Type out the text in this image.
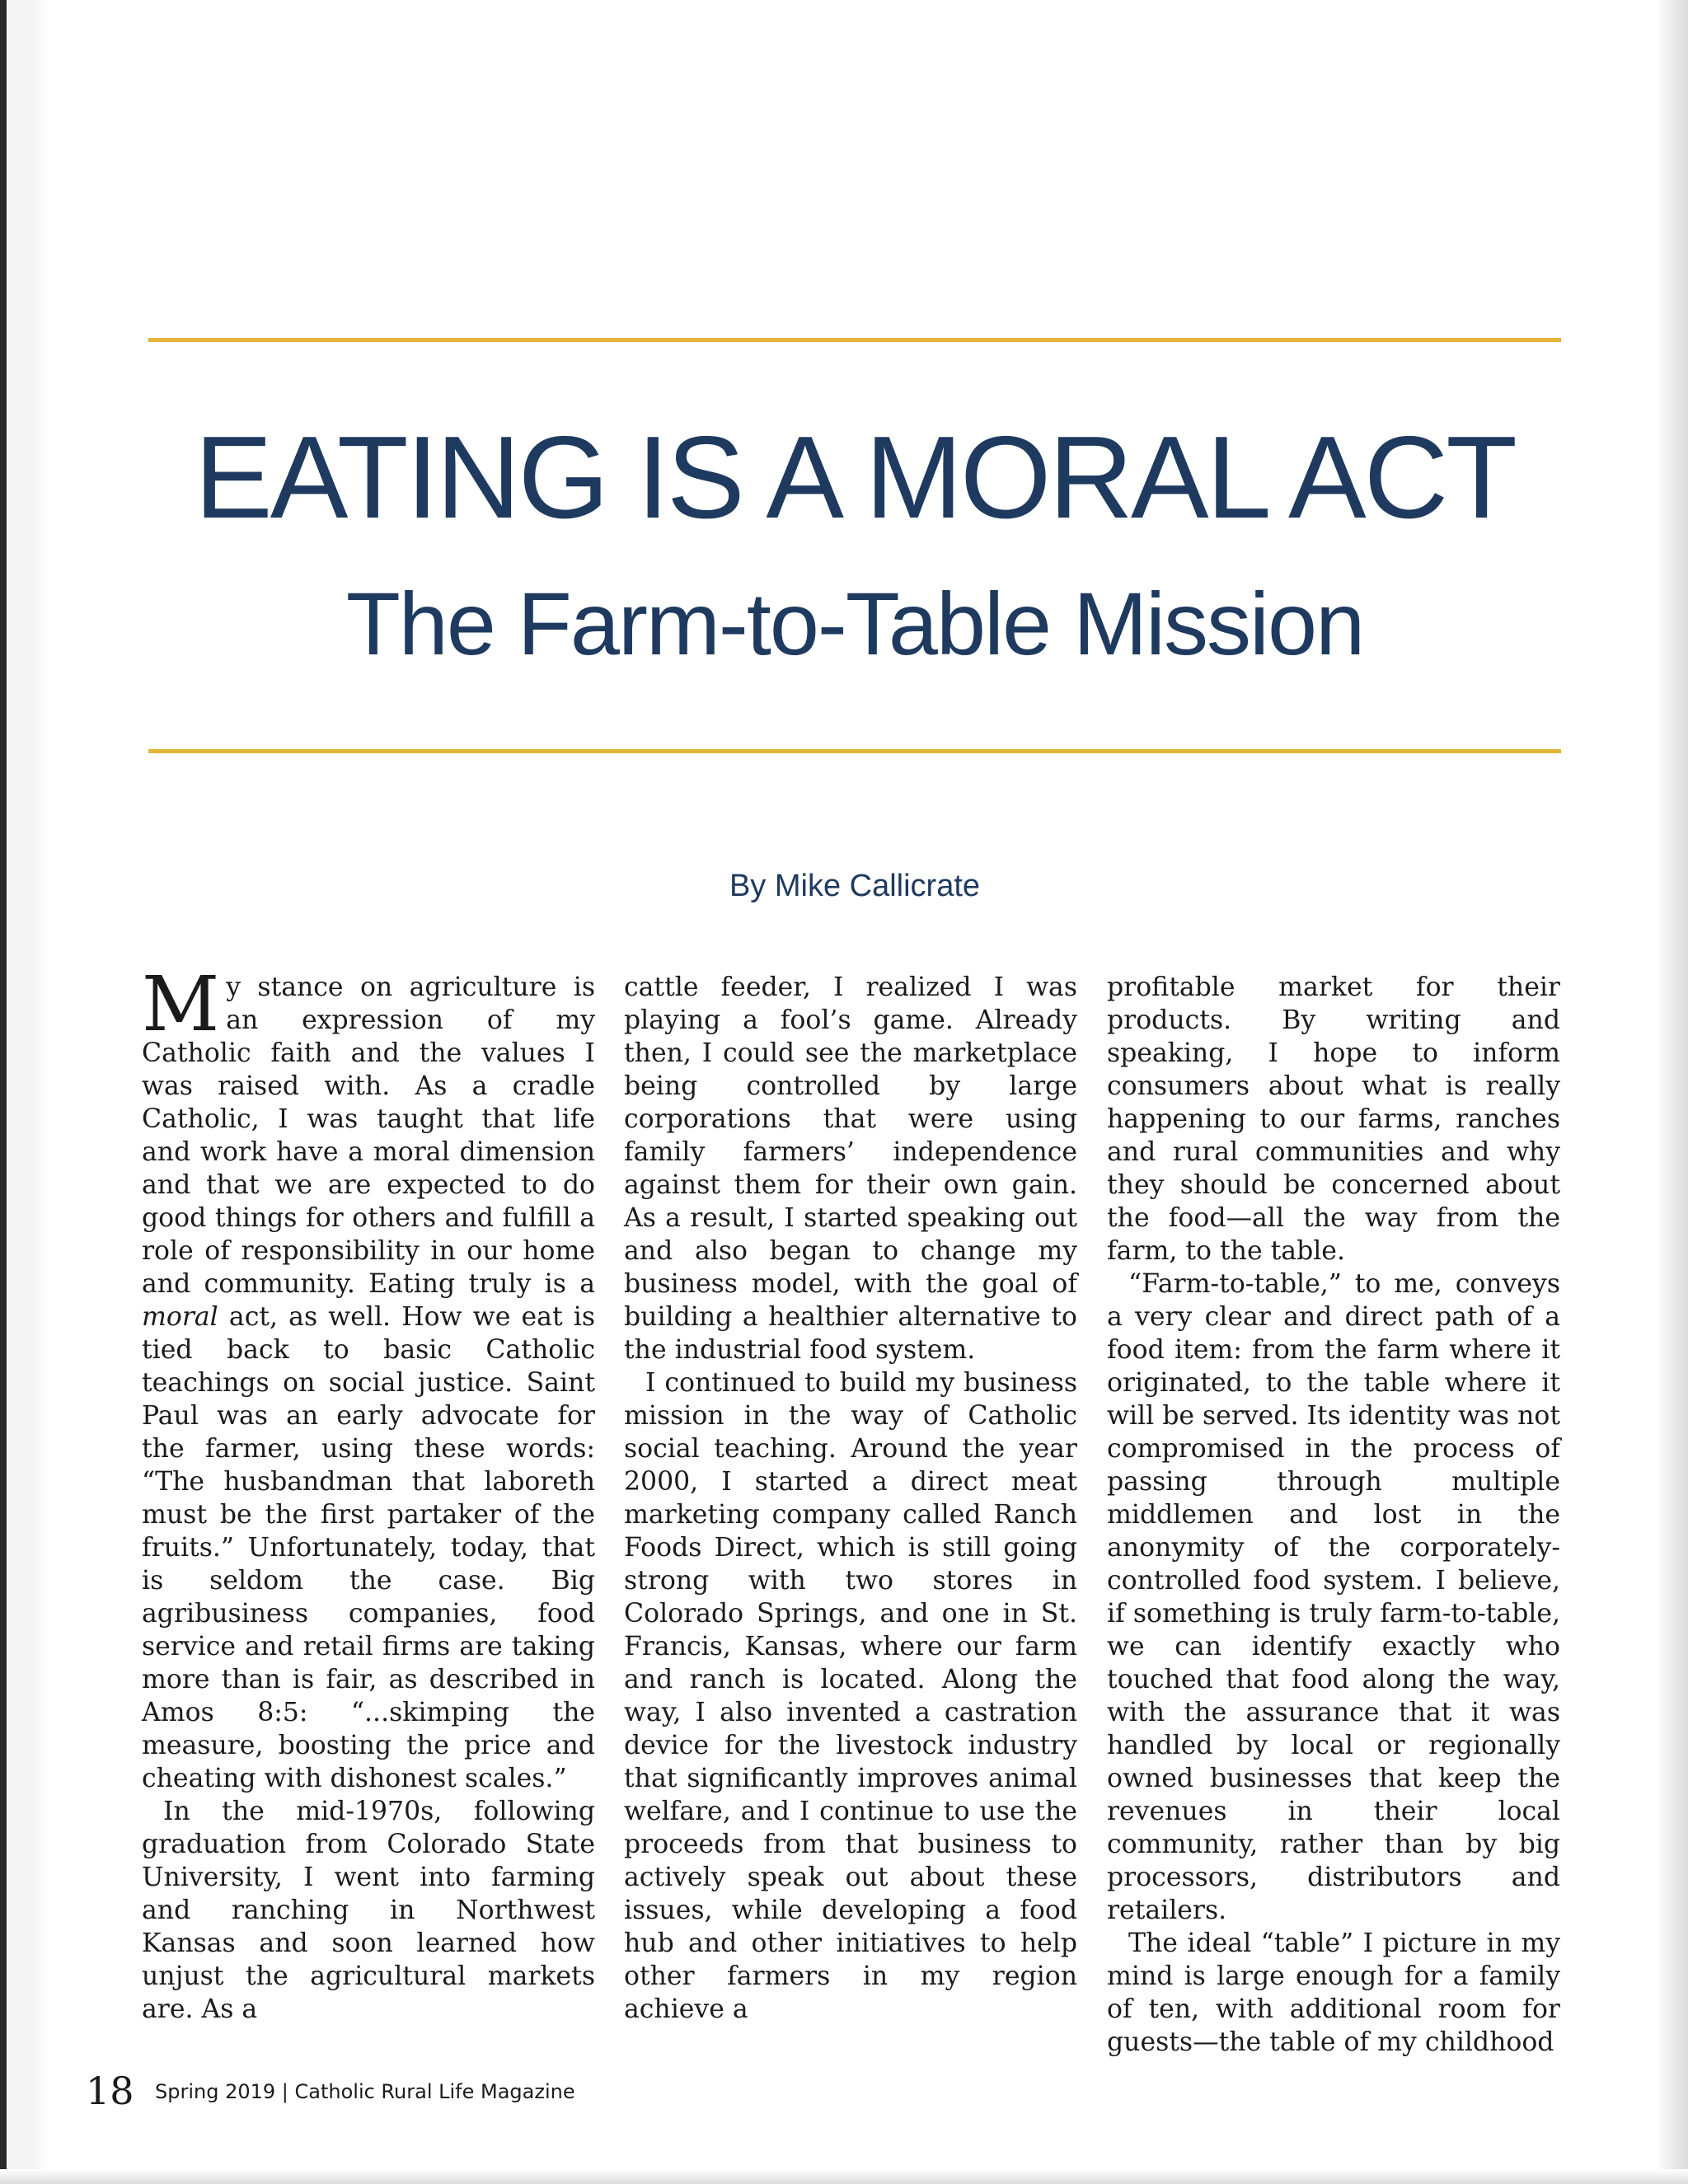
EATING IS A MORAL ACT
The Farm-to-Table Mission
By Mike Callicrate

My stance on agriculture is an expression of my Catholic faith and the values I was raised with. As a cradle Catholic, I was taught that life and work have a moral dimension and that we are expected to do good things for others and fulfill a role of responsibility in our home and community. Eating truly is a moral act, as well. How we eat is tied back to basic Catholic teachings on social justice. Saint Paul was an early advocate for the farmer, using these words: “The husbandman that laboreth must be the first partaker of the fruits.” Unfortunately, today, that is seldom the case. Big agribusiness companies, food service and retail firms are taking more than is fair, as described in Amos 8:5: “...skimping the measure, boosting the price and cheating with dishonest scales.”

In the mid-1970s, following graduation from Colorado State University, I went into farming and ranching in Northwest Kansas and soon learned how unjust the agricultural markets are. As a

cattle feeder, I realized I was playing a fool’s game. Already then, I could see the marketplace being controlled by large corporations that were using family farmers’ independence against them for their own gain. As a result, I started speaking out and also began to change my business model, with the goal of building a healthier alternative to the industrial food system.

I continued to build my business mission in the way of Catholic social teaching. Around the year 2000, I started a direct meat marketing company called Ranch Foods Direct, which is still going strong with two stores in Colorado Springs, and one in St. Francis, Kansas, where our farm and ranch is located. Along the way, I also invented a castration device for the livestock industry that significantly improves animal welfare, and I continue to use the proceeds from that business to actively speak out about these issues, while developing a food hub and other initiatives to help other farmers in my region achieve a

profitable market for their products. By writing and speaking, I hope to inform consumers about what is really happening to our farms, ranches and rural communities and why they should be concerned about the food—all the way from the farm, to the table.

“Farm-to-table,” to me, conveys a very clear and direct path of a food item: from the farm where it originated, to the table where it will be served. Its identity was not compromised in the process of passing through multiple middlemen and lost in the anonymity of the corporately-controlled food system. I believe, if something is truly farm-to-table, we can identify exactly who touched that food along the way, with the assurance that it was handled by local or regionally owned businesses that keep the revenues in their local community, rather than by big processors, distributors and retailers.

The ideal “table” I picture in my mind is large enough for a family of ten, with additional room for guests—the table of my childhood

18 Spring 2019 | Catholic Rural Life Magazine
